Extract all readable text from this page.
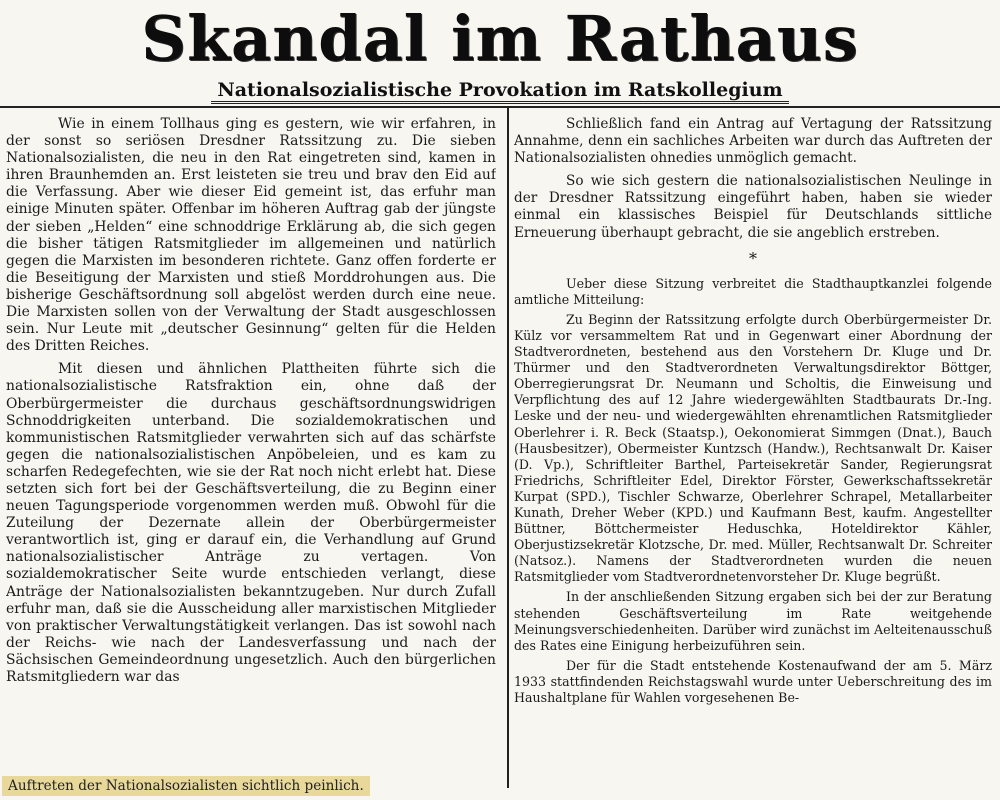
Skandal im Rathaus
Nationalsozialistische Provokation im Ratskollegium

Wie in einem Tollhaus ging es gestern, wie wir erfahren, in der sonst so seriösen Dresdner Ratssitzung zu. Die sieben Nationalsozialisten, die neu in den Rat eingetreten sind, kamen in ihren Braunhemden an. Erst leisteten sie treu und brav den Eid auf die Verfassung. Aber wie dieser Eid gemeint ist, das erfuhr man einige Minuten später. Offenbar im höheren Auftrag gab der jüngste der sieben „Helden“ eine schnoddrige Erklärung ab, die sich gegen die bisher tätigen Ratsmitglieder im allgemeinen und natürlich gegen die Marxisten im besonderen richtete. Ganz offen forderte er die Beseitigung der Marxisten und stieß Morddrohungen aus. Die bisherige Geschäftsordnung soll abgelöst werden durch eine neue. Die Marxisten sollen von der Verwaltung der Stadt ausgeschlossen sein. Nur Leute mit „deutscher Gesinnung“ gelten für die Helden des Dritten Reiches.

Mit diesen und ähnlichen Plattheiten führte sich die nationalsozialistische Ratsfraktion ein, ohne daß der Oberbürgermeister die durchaus geschäftsordnungswidrigen Schnoddrigkeiten unterband. Die sozialdemokratischen und kommunistischen Ratsmitglieder verwahrten sich auf das schärfste gegen die nationalsozialistischen Anpöbeleien, und es kam zu scharfen Redegefechten, wie sie der Rat noch nicht erlebt hat. Diese setzten sich fort bei der Geschäftsverteilung, die zu Beginn einer neuen Tagungsperiode vorgenommen werden muß. Obwohl für die Zuteilung der Dezernate allein der Oberbürgermeister verantwortlich ist, ging er darauf ein, die Verhandlung auf Grund nationalsozialistischer Anträge zu vertagen. Von sozialdemokratischer Seite wurde entschieden verlangt, diese Anträge der Nationalsozialisten bekanntzugeben. Nur durch Zufall erfuhr man, daß sie die Ausscheidung aller marxistischen Mitglieder von praktischer Verwaltungstätigkeit verlangen. Das ist sowohl nach der Reichs- wie nach der Landesverfassung und nach der Sächsischen Gemeindeordnung ungesetzlich. Auch den bürgerlichen Ratsmitgliedern war das

Schließlich fand ein Antrag auf Vertagung der Ratssitzung Annahme, denn ein sachliches Arbeiten war durch das Auftreten der Nationalsozialisten ohnedies unmöglich gemacht.

So wie sich gestern die nationalsozialistischen Neulinge in der Dresdner Ratssitzung eingeführt haben, haben sie wieder einmal ein klassisches Beispiel für Deutschlands sittliche Erneuerung überhaupt gebracht, die sie angeblich erstreben.

*

Ueber diese Sitzung verbreitet die Stadthauptkanzlei folgende amtliche Mitteilung:

Zu Beginn der Ratssitzung erfolgte durch Oberbürgermeister Dr. Külz vor versammeltem Rat und in Gegenwart einer Abordnung der Stadtverordneten, bestehend aus den Vorstehern Dr. Kluge und Dr. Thürmer und den Stadtverordneten Verwaltungsdirektor Böttger, Oberregierungsrat Dr. Neumann und Scholtis, die Einweisung und Verpflichtung des auf 12 Jahre wiedergewählten Stadtbaurats Dr.-Ing. Leske und der neu- und wiedergewählten ehrenamtlichen Ratsmitglieder Oberlehrer i. R. Beck (Staatsp.), Oekonomierat Simmgen (Dnat.), Bauch (Hausbesitzer), Obermeister Kuntzsch (Handw.), Rechtsanwalt Dr. Kaiser (D. Vp.), Schriftleiter Barthel, Parteisekretär Sander, Regierungsrat Friedrichs, Schriftleiter Edel, Direktor Förster, Gewerkschaftssekretär Kurpat (SPD.), Tischler Schwarze, Oberlehrer Schrapel, Metallarbeiter Kunath, Dreher Weber (KPD.) und Kaufmann Best, kaufm. Angestellter Büttner, Böttchermeister Heduschka, Hoteldirektor Kähler, Oberjustizsekretär Klotzsche, Dr. med. Müller, Rechtsanwalt Dr. Schreiter (Natsoz.). Namens der Stadtverordneten wurden die neuen Ratsmitglieder vom Stadtverordnetenvorsteher Dr. Kluge begrüßt.

In der anschließenden Sitzung ergaben sich bei der zur Beratung stehenden Geschäftsverteilung im Rate weitgehende Meinungsverschiedenheiten. Darüber wird zunächst im Aelteitenausschuß des Rates eine Einigung herbeizuführen sein.

Der für die Stadt entstehende Kostenaufwand der am 5. März 1933 stattfindenden Reichstagswahl wurde unter Ueberschreitung des im Haushaltplane für Wahlen vorgesehenen Be-

Auftreten der Nationalsozialisten sichtlich peinlich.
